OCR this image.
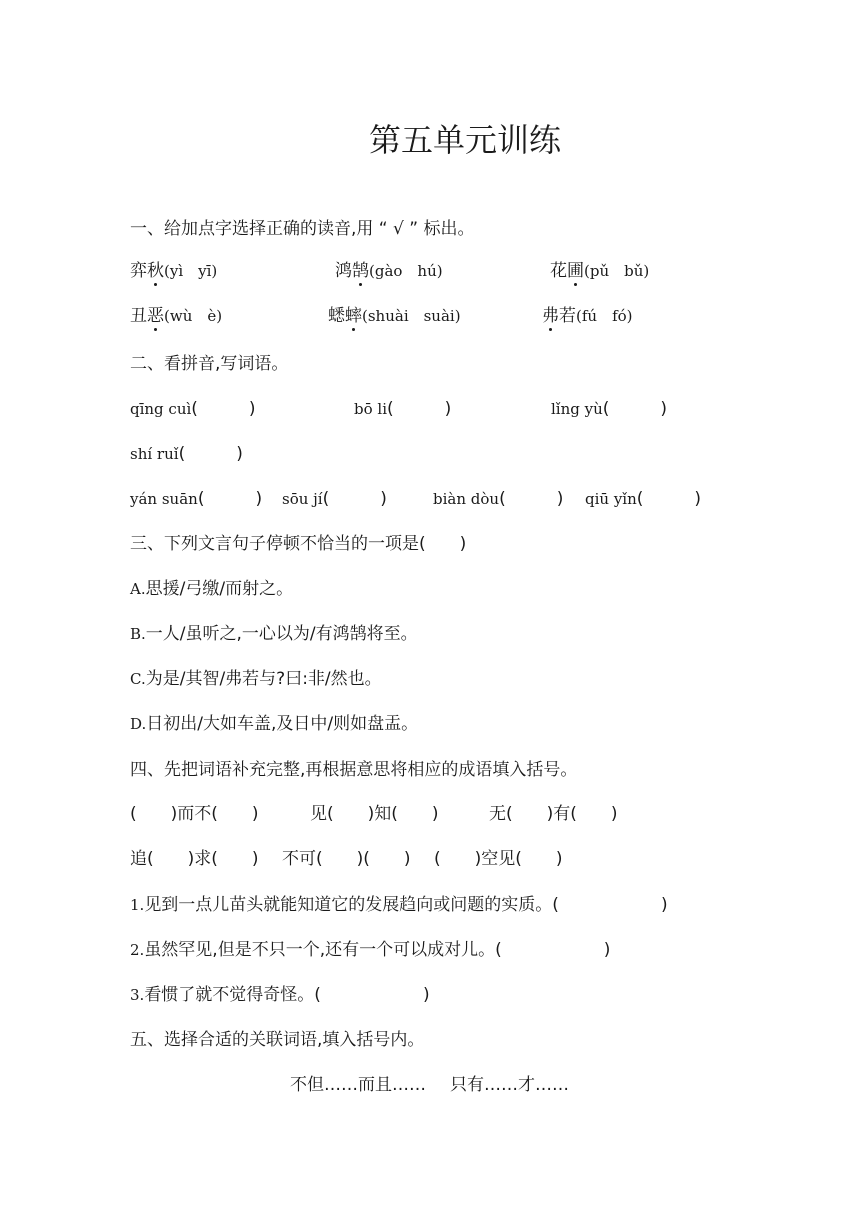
第五单元训练
一、给加点字选择正确的读音,用 “ √ ” 标出。
弈秋(yì　yī)	鸿鹄(gào　hú)	花圃(pǔ　bǔ)
丑恶(wù　è)	蟋蟀(shuài　suài)	弗若(fú　fó)
二、看拼音,写词语。
qīng cuì(　　　)	bō li(　　　)	lǐng yù(　　　)
shí ruǐ(　　　)
yán suān(　　　) sōu jí(　　　)	biàn dòu(　　　) qiū yǐn(　　　)
三、下列文言句子停顿不恰当的一项是(　　)
A.思援/弓缴/而射之。
B.一人/虽听之,一心以为/有鸿鹄将至。
C.为是/其智/弗若与?曰:非/然也。
D.日初出/大如车盖,及日中/则如盘盂。
四、先把词语补充完整,再根据意思将相应的成语填入括号。
(　　)而不(　　)	见(　　)知(　　)	无(　　)有(　　)
追(　　)求(　　) 不可(　　)(　　) (　　)空见(　　)
1.见到一点儿苗头就能知道它的发展趋向或问题的实质。(　　　　　　)
2.虽然罕见,但是不只一个,还有一个可以成对儿。(　　　　　　)
3.看惯了就不觉得奇怪。(　　　　　　)
五、选择合适的关联词语,填入括号内。
不但……而且…… 只有……才……
